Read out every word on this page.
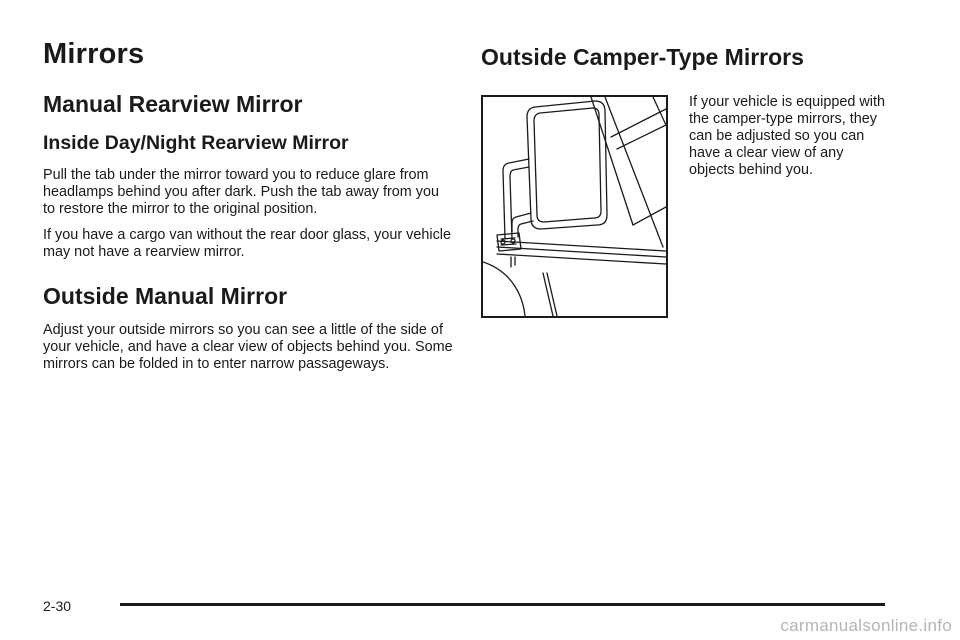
Mirrors
Manual Rearview Mirror
Inside Day/Night Rearview Mirror

Pull the tab under the mirror toward you to reduce glare from headlamps behind you after dark. Push the tab away from you to restore the mirror to the original position.

If you have a cargo van without the rear door glass, your vehicle may not have a rearview mirror.

Outside Manual Mirror

Adjust your outside mirrors so you can see a little of the side of your vehicle, and have a clear view of objects behind you. Some mirrors can be folded in to enter narrow passageways.

Outside Camper-Type Mirrors

If your vehicle is equipped with the camper-type mirrors, they can be adjusted so you can have a clear view of any objects behind you.

2-30
carmanualsonline.info
